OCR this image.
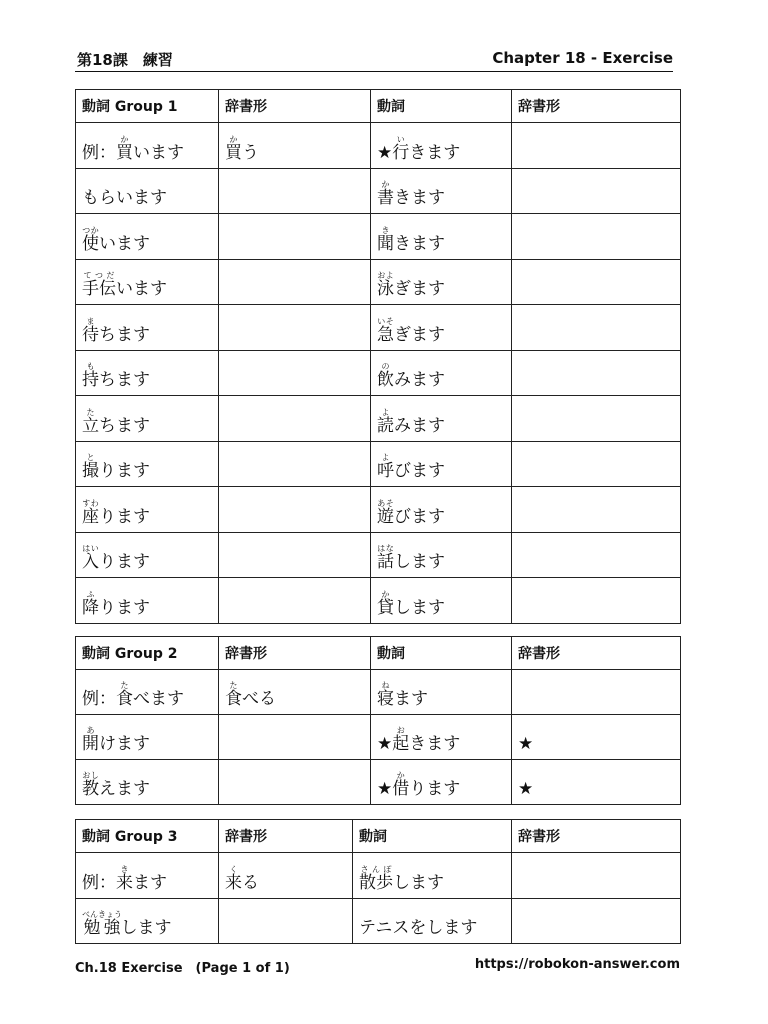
第18課　練習	Chapter 18 - Exercise
動詞 Group 1	辞書形	動詞	辞書形
例：買かいます	買かう	★行いきます	
もらいます		書かきます	
使つかいます		聞ききます	
手伝てつだいます		泳およぎます	
待まちます		急いそぎます	
持もちます		飲のみます	
立たちます		読よみます	
撮とります		呼よびます	
座すわります		遊あそびます	
入はいります		話はなします	
降ふります		貸かします	
動詞 Group 2	辞書形	動詞	辞書形
例：食たべます	食たべる	寝ねます	
開あけます		★起おきます	★
教おしえます		★借かります	★
動詞 Group 3	辞書形	動詞	辞書形
例：来きます	来くる	散歩さんぽします	
勉強べんきょうします		テニスをします	
Ch.18 Exercise　(Page 1 of 1)	https://robokon-answer.com
